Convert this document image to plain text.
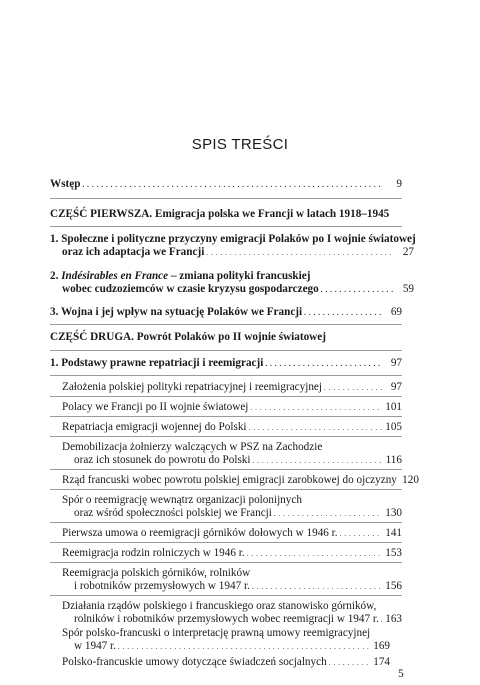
SPIS TREŚCI
Wstęp . . .	9
CZĘŚĆ PIERWSZA. Emigracja polska we Francji w latach 1918–1945
1. Społeczne i polityczne przyczyny emigracji Polaków po I wojnie światowej
oraz ich adaptacja we Francji . . .	27
2. Indésirables en France – zmiana polityki francuskiej
wobec cudzoziemców w czasie kryzysu gospodarczego . . .	59
3. Wojna i jej wpływ na sytuację Polaków we Francji . . .	69
CZĘŚĆ DRUGA. Powrót Polaków po II wojnie światowej
1. Podstawy prawne repatriacji i reemigracji . . .	97
Założenia polskiej polityki repatriacyjnej i reemigracyjnej . . .	97
Polacy we Francji po II wojnie światowej . . .	101
Repatriacja emigracji wojennej do Polski . . .	105
Demobilizacja żołnierzy walczących w PSZ na Zachodzie
oraz ich stosunek do powrotu do Polski . . .	116
Rząd francuski wobec powrotu polskiej emigracji zarobkowej do ojczyzny 120
Spór o reemigrację wewnątrz organizacji polonijnych
oraz wśród społeczności polskiej we Francji . . .	130
Pierwsza umowa o reemigracji górników dołowych w 1946 r. . . .	141
Reemigracja rodzin rolniczych w 1946 r. . . .	153
Reemigracja polskich górników, rolników
i robotników przemysłowych w 1947 r. . . .	156
Działania rządów polskiego i francuskiego oraz stanowisko górników,
rolników i robotników przemysłowych wobec reemigracji w 1947 r. . . . 163
Spór polsko-francuski o interpretację prawną umowy reemigracyjnej
w 1947 r. . . .	169
Polsko-francuskie umowy dotyczące świadczeń socjalnych . . .	174
5
